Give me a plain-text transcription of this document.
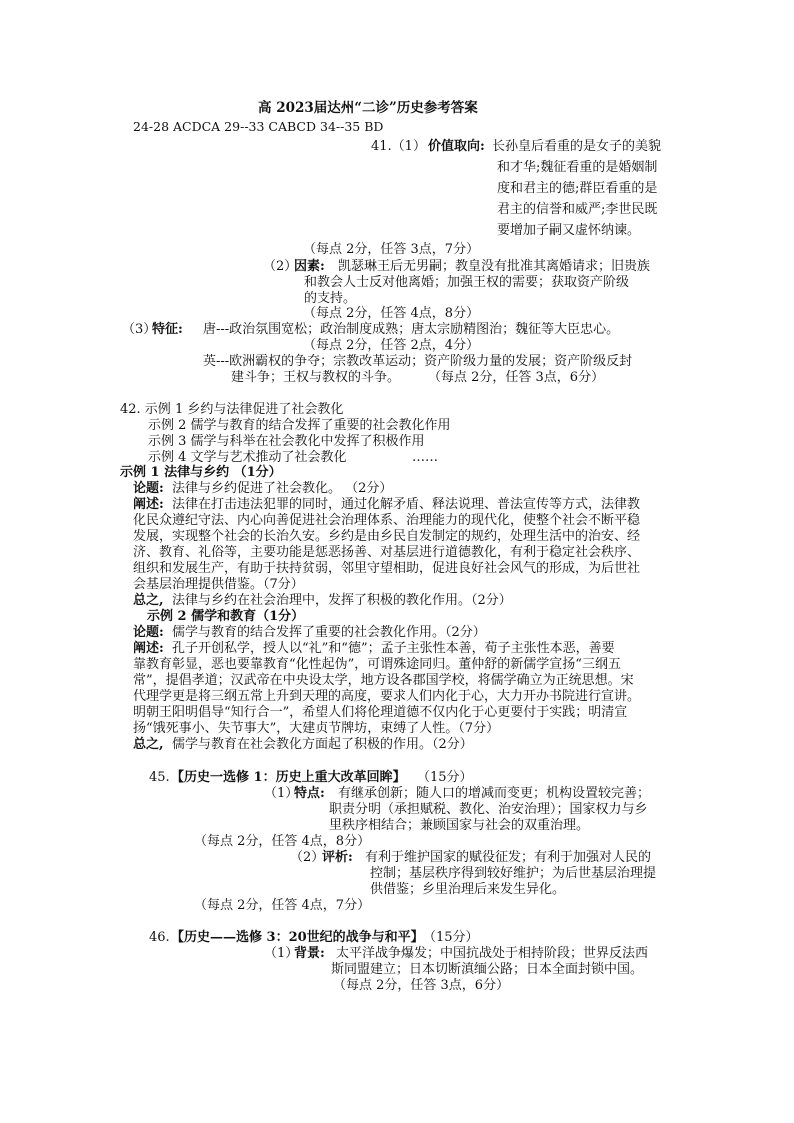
高 2023届达州“二诊”历史参考答案
24-28 ACDCA 29--33 CABCD 34--35 BD
41.（1） 价值取向: 长孙皇后看重的是女子的美貌
和才华;魏征看重的是婚姻制
度和君主的德;群臣看重的是
君主的信誉和威严;李世民既
要增加子嗣又虚怀纳谏。
（每点 2分，任答 3点，7分）
（2）
因素: 凯瑟琳王后无男嗣；教皇没有批准其离婚请求；旧贵族
和教会人士反对他离婚；加强王权的需要；获取资产阶级
的支持。
（每点 2分，任答 4点，8分）
（3）
特征: 唐---政治氛围宽松；政治制度成熟；唐太宗励精图治；魏征等大臣忠心。
（每点 2分，任答 2点，4分）
英---欧洲霸权的争夺；宗教改革运动；资产阶级力量的发展；资产阶级反封
建斗争；王权与教权的斗争。 （每点 2分，任答 3点，6分）
42. 示例 1 乡约与法律促进了社会教化
示例 2 儒学与教育的结合发挥了重要的社会教化作用
示例 3 儒学与科举在社会教化中发挥了积极作用
示例 4 文学与艺术推动了社会教化	……
示例 1 法律与乡约 （1分）
论题: 法律与乡约促进了社会教化。 （2分）
阐述: 法律在打击违法犯罪的同时，通过化解矛盾、释法说理、普法宣传等方式，法律教
化民众遵纪守法、内心向善促进社会治理体系、治理能力的现代化，使整个社会不断平稳
发展，实现整个社会的长治久安。乡约是由乡民自发制定的规约，处理生活中的治安、经
济、教育、礼俗等，主要功能是惩恶扬善、对基层进行道德教化，有利于稳定社会秩序、
组织和发展生产，有助于扶持贫弱，邻里守望相助，促进良好社会风气的形成，为后世社
会基层治理提供借鉴。（7分）
总之, 法律与乡约在社会治理中，发挥了积极的教化作用。（2分）
示例 2 儒学和教育（1分）
论题: 儒学与教育的结合发挥了重要的社会教化作用。（2分）
阐述: 孔子开创私学，授人以“礼”和“德”；孟子主张性本善，荀子主张性本恶，善要
靠教育彰显，恶也要靠教育“化性起伪”，可谓殊途同归。董仲舒的新儒学宣扬“三纲五
常”，提倡孝道；汉武帝在中央设太学，地方设各郡国学校，将儒学确立为正统思想。宋
代理学更是将三纲五常上升到天理的高度，要求人们内化于心，大力开办书院进行宣讲。
明朝王阳明倡导“知行合一”，希望人们将伦理道德不仅内化于心更要付于实践；明清宣
扬“饿死事小、失节事大”，大建贞节牌坊，束缚了人性。（7分）
总之, 儒学与教育在社会教化方面起了积极的作用。（2分）
45. 【历史一选修 1：历史上重大改革回眸】 （15分）
（1）
特点: 有继承创新；随人口的增减而变更；机构设置较完善；
职责分明（承担赋税、教化、治安治理）；国家权力与乡
里秩序相结合；兼顾国家与社会的双重治理。
（每点 2分，任答 4点，8分）
（2）
评析: 有利于维护国家的赋役征发；有利于加强对人民的
控制；基层秩序得到较好维护；为后世基层治理提
供借鉴；乡里治理后来发生异化。
（每点 2分，任答 4点，7分）
46. 【历史——选修 3：20世纪的战争与和平】 （15分）
（1）
背景: 太平洋战争爆发；中国抗战处于相持阶段；世界反法西
斯同盟建立；日本切断滇缅公路；日本全面封锁中国。
（每点 2分，任答 3点，6分）
